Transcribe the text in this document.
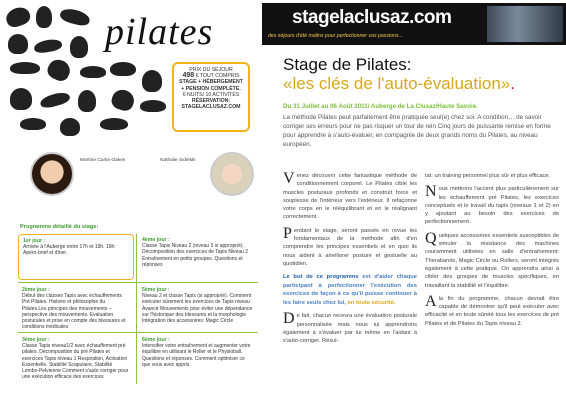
pilates
PRIX DU SÉJOUR
498 € TOUT COMPRIS
STAGE + HÉBERGEMENT
+ PENSION COMPLÈTE.
6 NUITS/ 10 ACTIVITÉS
RÉSERVATION:
STAGELACLUSAZ.COM
Martine Curtis-Oakes	Nathalie Sidelski
Programme détaillé du stage:
1er jour :
Arrivée à l'Auberge entre 17h et 19h. 19h: Apéro-brief et dîner.
4ème jour :
Classe Tapis Niveau 2 (niveau 3 si approprié). Décomposition des exercices de Tapis Niveau 2 Entraînement en petits groupes. Questions et réponses
2ème jour :
Début des classes Tapis avec échauffements Pré Pilates. Histoire et philosophie du Pilates.Les principes des mouvements – perspective des mouvements. Evaluation posturales et prise en compte des blessures et conditions médicales
5ème jour :
Niveau 2 et classe Tapis (si approprié). Comment exécuter sûrement les exercices de Tapis niveau Avancé Mouvements pour éviter une dépendance sur l'historique des blessures et la morphologie Intégration des accessoires: Magic Circle
3ème jour :
Classe Tapis niveau1/2 avec échauffement pré pilates. Décomposition du pré Pilates et exercices Tapis niveau 1 Respiration, Activation Essentielle, Stabilité Scapulaire, Stabilité Lombo-Pelvienne Comment s'auto corriger pour une exécution efficace des exercices
6ème jour :
Intensifier votre entraînement et augmenter votre équilibre en utilisant le Roller et le Physioball. Questions et réponses. Comment optimiser ce que vous avez appris.
stagelaclusaz.com
des séjours d'été malins pour perfectionner vos passions...
Stage de Pilates:
«les clés de l'auto-évaluation».
Du 31 Juillet au 06 Août 2011/ Auberge de La Clusaz/Haute Savoie.
La méthode Pilates peut parfaitement être pratiquée seul(e) chez soi. A condition… de savoir corriger ses erreurs pour ne pas risquer un tour de rein Cinq jours de puissante remise en forme pour apprendre à s'auto-évaluer, en compagnie de deux grands noms du Pilates, au niveau européen.

Venez découvrir cette fantastique méthode de conditionnement corporel. Le Pilates cible les muscles posturaux profonds et construit force et souplesse de l'intérieur vers l'extérieur. Il refaçonne votre corps en le rééquilibrant et en le réalignant correctement.

Pendant le stage, seront passés en revue les fondamentaux de la méthode afin d'en comprendre les principes essentiels et en quoi ils nous aident à améliorer posture et gestuelle au quotidien.

Le but de ce programme est d'aider chaque participant à perfectionner l'exécution des exercices de façon à ce qu'il puisse continuer à les faire seuls chez lui, en toute sécurité.

De fait, chacun recevra une évaluation posturale personnalisée mais nous lui apprendrons également à s'évaluer par lui même en l'aidant à s'auto-corriger. Résul-

tat: un training personnel plus sûr et plus efficace.

Nous mettrons l'accent plus particulièrement sur les échauffement pré Pilates, les exercices conceptuels et le travail du tapis (niveaux 1 et 2) en y ajoutant au besoin des exercices de perfectionnement.

Quelques accessoires essentiels susceptibles de simuler la résistance des machines couramment utilisées en salle d'entraînement: Therabands, Magic Circle ou Rollers, seront intégrés également à cette pratique. On apprendra ainsi à cibler des groupes de muscles spécifiques, en travaillant la stabilité et l'équilibre.

Ala fin du programme, chacun devrait être capable de démontrer qu'il peut exécuter avec efficacité et en toute sûreté tous les exercices de pré Pilates et de Pilates du Tapis niveau 2.
